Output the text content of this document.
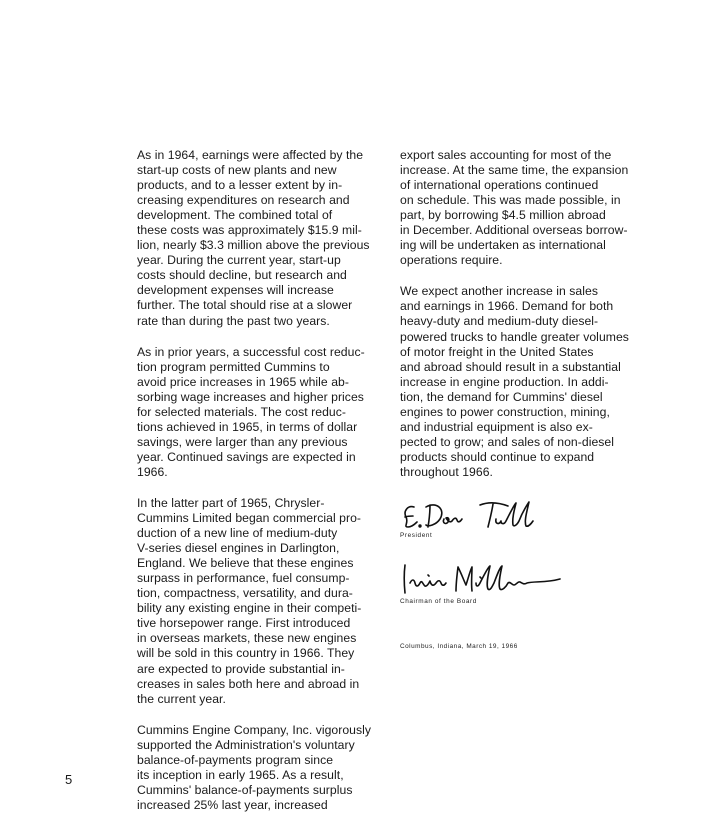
As in 1964, earnings were affected by the
start-up costs of new plants and new
products, and to a lesser extent by in-
creasing expenditures on research and
development. The combined total of
these costs was approximately $15.9 mil-
lion, nearly $3.3 million above the previous
year. During the current year, start-up
costs should decline, but research and
development expenses will increase
further. The total should rise at a slower
rate than during the past two years.

As in prior years, a successful cost reduc-
tion program permitted Cummins to
avoid price increases in 1965 while ab-
sorbing wage increases and higher prices
for selected materials. The cost reduc-
tions achieved in 1965, in terms of dollar
savings, were larger than any previous
year. Continued savings are expected in
1966.

In the latter part of 1965, Chrysler-
Cummins Limited began commercial pro-
duction of a new line of medium-duty
V-series diesel engines in Darlington,
England. We believe that these engines
surpass in performance, fuel consump-
tion, compactness, versatility, and dura-
bility any existing engine in their competi-
tive horsepower range. First introduced
in overseas markets, these new engines
will be sold in this country in 1966. They
are expected to provide substantial in-
creases in sales both here and abroad in
the current year.

Cummins Engine Company, Inc. vigorously
supported the Administration's voluntary
balance-of-payments program since
its inception in early 1965. As a result,
Cummins' balance-of-payments surplus
increased 25% last year, increased

export sales accounting for most of the
increase. At the same time, the expansion
of international operations continued
on schedule. This was made possible, in
part, by borrowing $4.5 million abroad
in December. Additional overseas borrow-
ing will be undertaken as international
operations require.

We expect another increase in sales
and earnings in 1966. Demand for both
heavy-duty and medium-duty diesel-
powered trucks to handle greater volumes
of motor freight in the United States
and abroad should result in a substantial
increase in engine production. In addi-
tion, the demand for Cummins' diesel
engines to power construction, mining,
and industrial equipment is also ex-
pected to grow; and sales of non-diesel
products should continue to expand
throughout 1966.

President
Chairman of the Board
Columbus, Indiana, March 19, 1966
5
